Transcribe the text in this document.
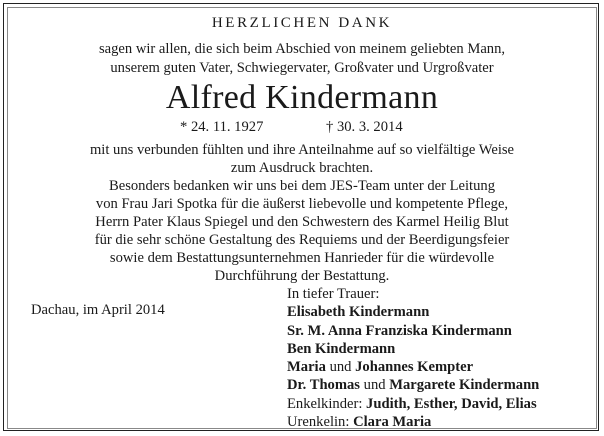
HERZLICHEN DANK
sagen wir allen, die sich beim Abschied von meinem geliebten Mann,
unserem guten Vater, Schwiegervater, Großvater und Urgroßvater
Alfred Kindermann
* 24. 11. 1927	† 30. 3. 2014
mit uns verbunden fühlten und ihre Anteilnahme auf so vielfältige Weise
zum Ausdruck brachten.
Besonders bedanken wir uns bei dem JES-Team unter der Leitung
von Frau Jari Spotka für die äußerst liebevolle und kompetente Pflege,
Herrn Pater Klaus Spiegel und den Schwestern des Karmel Heilig Blut
für die sehr schöne Gestaltung des Requiems und der Beerdigungsfeier
sowie dem Bestattungsunternehmen Hanrieder für die würdevolle
Durchführung der Bestattung.
Dachau, im April 2014
In tiefer Trauer:
Elisabeth Kindermann
Sr. M. Anna Franziska Kindermann
Ben Kindermann
Maria und Johannes Kempter
Dr. Thomas und Margarete Kindermann
Enkelkinder: Judith, Esther, David, Elias
Urenkelin: Clara Maria
